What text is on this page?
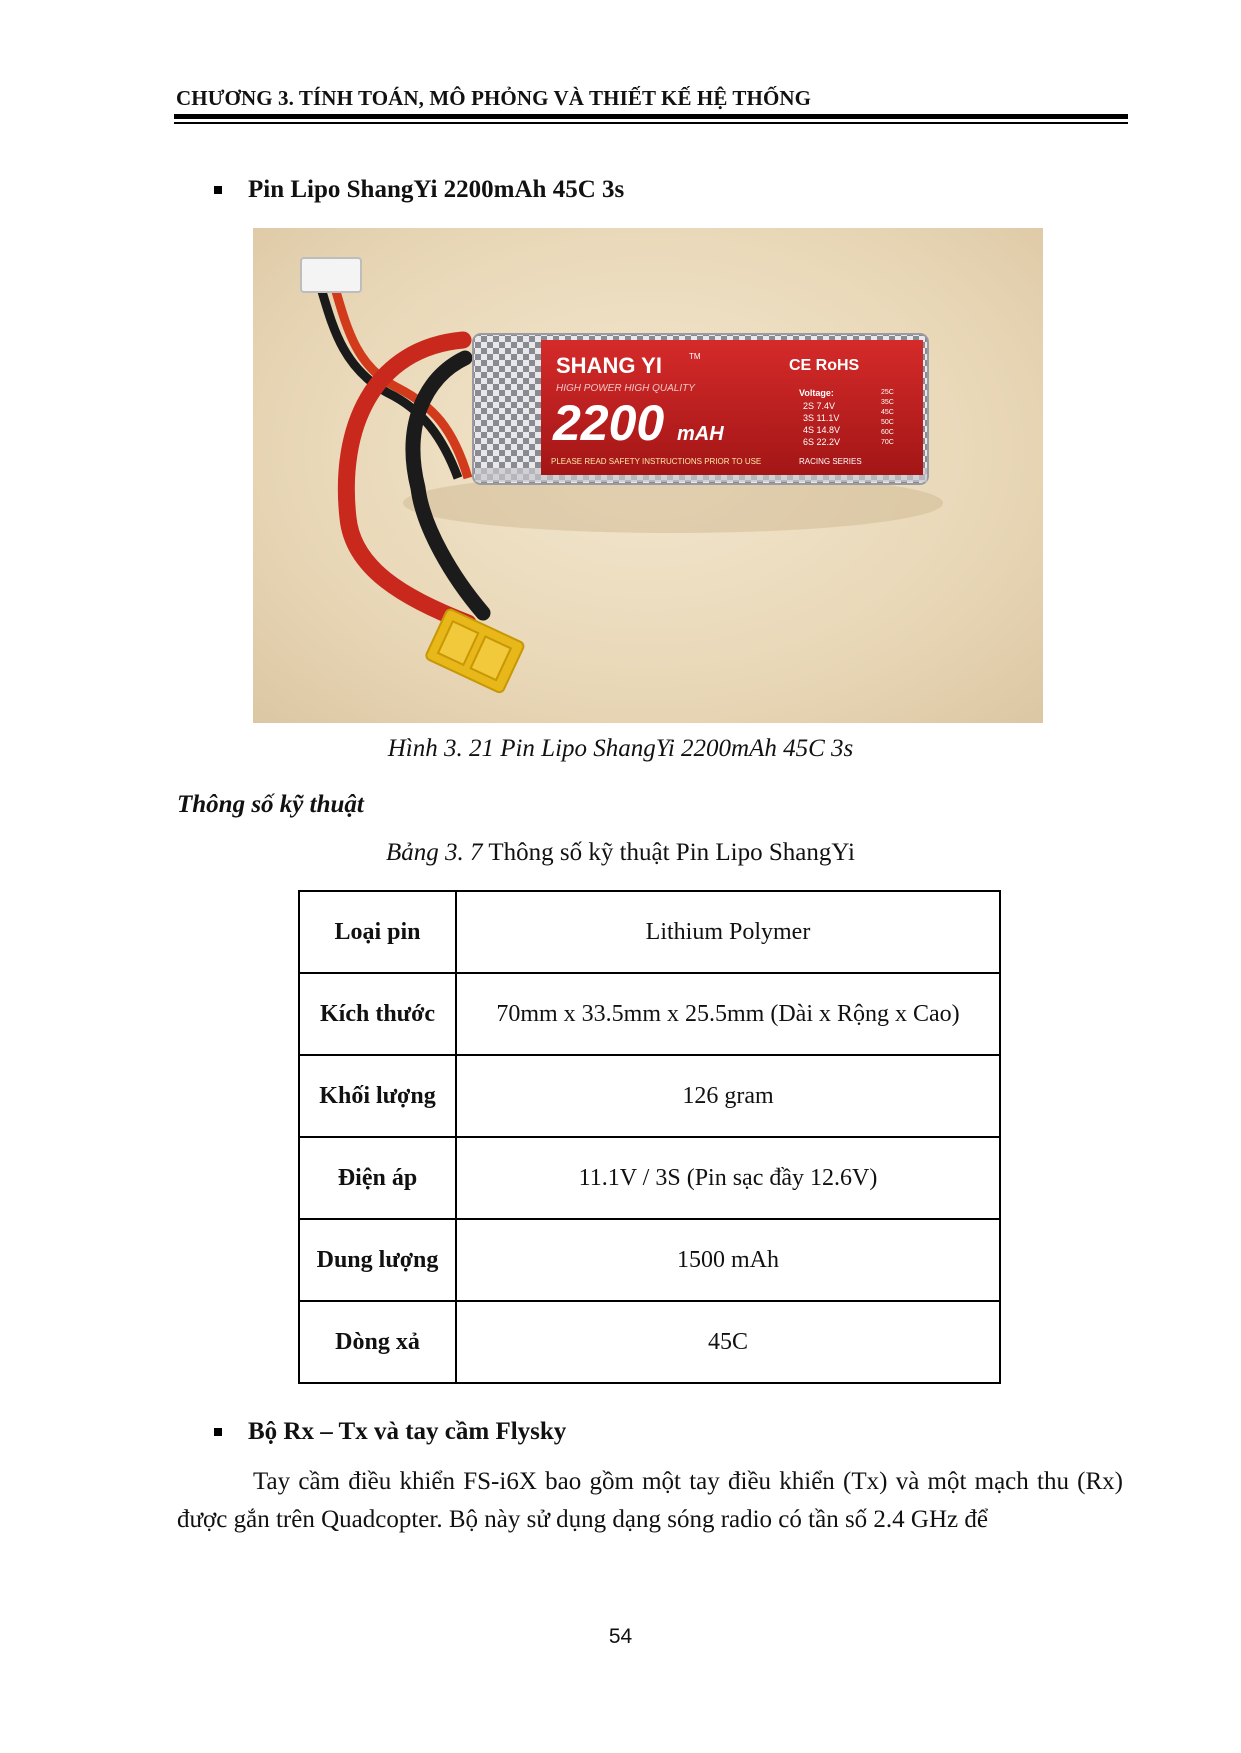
CHƯƠNG 3. TÍNH TOÁN, MÔ PHỎNG VÀ THIẾT KẾ HỆ THỐNG
Pin Lipo ShangYi 2200mAh 45C 3s
SHANG YI	TM
HIGH POWER HIGH QUALITY
2200 mAH
CE RoHS
Voltage:
2S 7.4V
3S 11.1V
4S 14.8V
6S 22.2V
25C
35C
45C
50C
60C
70C
PLEASE READ SAFETY INSTRUCTIONS PRIOR TO USE	RACING SERIES
Hình 3. 21 Pin Lipo ShangYi 2200mAh 45C 3s
Thông số kỹ thuật
Bảng 3. 7 Thông số kỹ thuật Pin Lipo ShangYi
Loại pin	Lithium Polymer
Kích thước	70mm x 33.5mm x 25.5mm (Dài x Rộng x Cao)
Khối lượng	126 gram
Điện áp	11.1V / 3S (Pin sạc đầy 12.6V)
Dung lượng	1500 mAh
Dòng xả	45C
Bộ Rx – Tx và tay cầm Flysky
Tay cầm điều khiển FS-i6X bao gồm một tay điều khiển (Tx) và một mạch thu (Rx) được gắn trên Quadcopter. Bộ này sử dụng dạng sóng radio có tần số 2.4 GHz để
54
